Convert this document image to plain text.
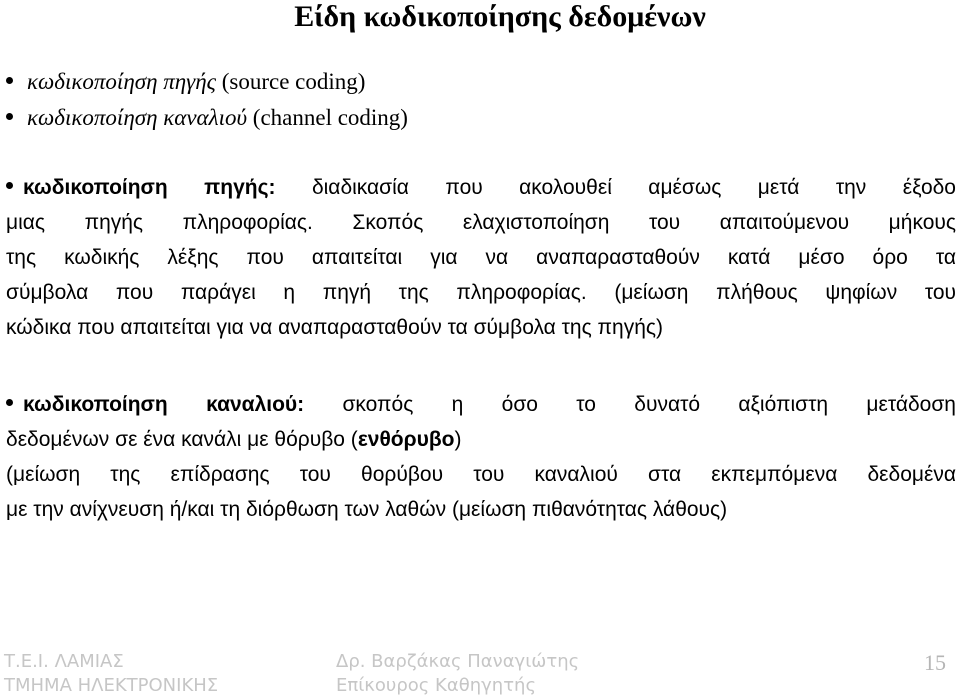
Είδη κωδικοποίησης δεδομένων
κωδικοποίηση πηγής (source coding)
κωδικοποίηση καναλιού (channel coding)
κωδικοποίηση πηγής: διαδικασία που ακολουθεί αμέσως μετά την έξοδο
μιας πηγής πληροφορίας. Σκοπός ελαχιστοποίηση του απαιτούμενου μήκους
της κωδικής λέξης που απαιτείται για να αναπαρασταθούν κατά μέσο όρο τα
σύμβολα που παράγει η πηγή της πληροφορίας. (μείωση πλήθους ψηφίων του
κώδικα που απαιτείται για να αναπαρασταθούν τα σύμβολα της πηγής)
κωδικοποίηση καναλιού: σκοπός η όσο το δυνατό αξιόπιστη μετάδοση
δεδομένων σε ένα κανάλι με θόρυβο (ενθόρυβο)
(μείωση της επίδρασης του θορύβου του καναλιού στα εκπεμπόμενα δεδομένα
με την ανίχνευση ή/και τη διόρθωση των λαθών (μείωση πιθανότητας λάθους)
Τ.Ε.Ι. ΛΑΜΙΑΣ
ΤΜΗΜΑ ΗΛΕΚΤΡΟΝΙΚΗΣ
Δρ. Βαρζάκας Παναγιώτης
Επίκουρος Καθηγητής
15
